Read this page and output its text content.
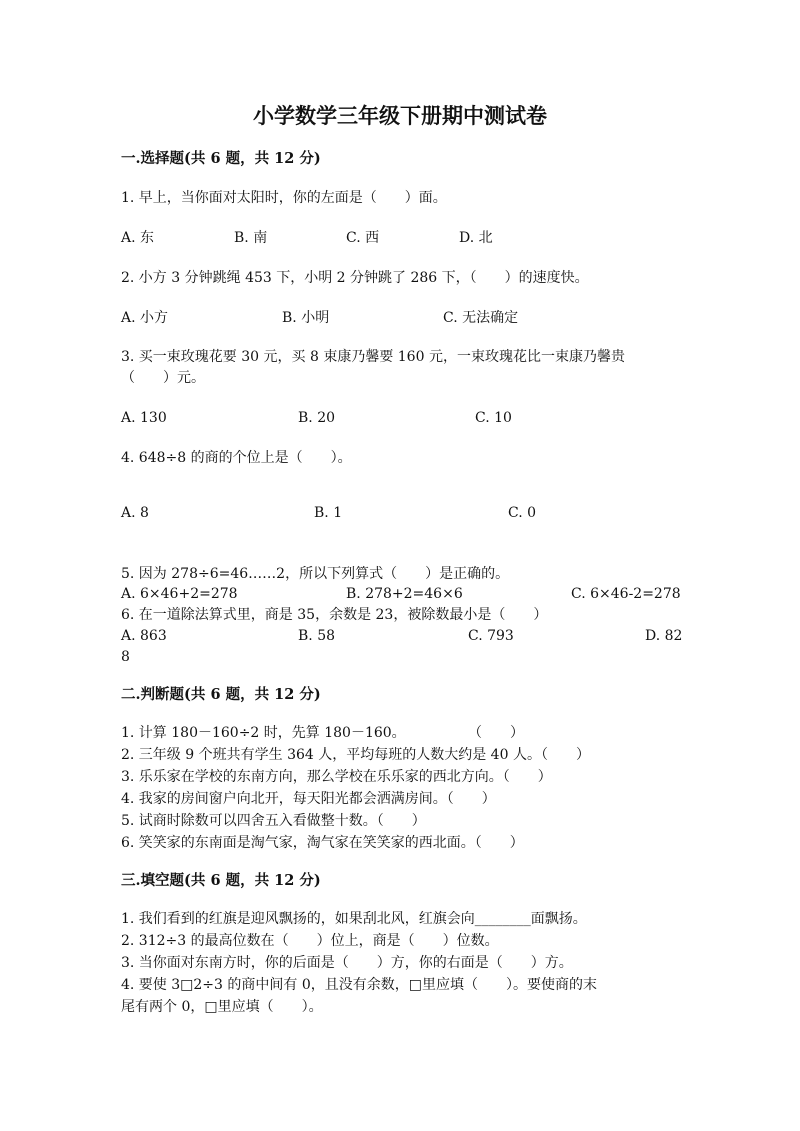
小学数学三年级下册期中测试卷
一.选择题(共 6 题，共 12 分)
1. 早上，当你面对太阳时，你的左面是（　　）面。
A. 东	B. 南	C. 西	D. 北
2. 小方 3 分钟跳绳 453 下，小明 2 分钟跳了 286 下，（　　）的速度快。
A. 小方	B. 小明	C. 无法确定
3. 买一束玫瑰花要 30 元，买 8 束康乃馨要 160 元，一束玫瑰花比一束康乃馨贵
（　　）元。
A. 130	B. 20	C. 10
4. 648÷8 的商的个位上是（　　）。
A. 8	B. 1	C. 0
5. 因为 278÷6=46……2，所以下列算式（　　）是正确的。
A. 6×46+2=278	B. 278+2=46×6	C. 6×46-2=278
6. 在一道除法算式里，商是 35，余数是 23，被除数最小是（　　）
A. 863	B. 58	C. 793	D. 82
8
二.判断题(共 6 题，共 12 分)
1. 计算 180－160÷2 时，先算 180－160。	（　　）
2. 三年级 9 个班共有学生 364 人，平均每班的人数大约是 40 人。（　　）
3. 乐乐家在学校的东南方向，那么学校在乐乐家的西北方向。（　　）
4. 我家的房间窗户向北开，每天阳光都会洒满房间。（　　）
5. 试商时除数可以四舍五入看做整十数。（　　）
6. 笑笑家的东南面是淘气家，淘气家在笑笑家的西北面。（　　）
三.填空题(共 6 题，共 12 分)
1. 我们看到的红旗是迎风飘扬的，如果刮北风，红旗会向________面飘扬。
2. 312÷3 的最高位数在（　　）位上，商是（　　）位数。
3. 当你面对东南方时，你的后面是（　　）方，你的右面是（　　）方。
4. 要使 3□2÷3 的商中间有 0，且没有余数，□里应填（　　）。要使商的末
尾有两个 0，□里应填（　　）。
